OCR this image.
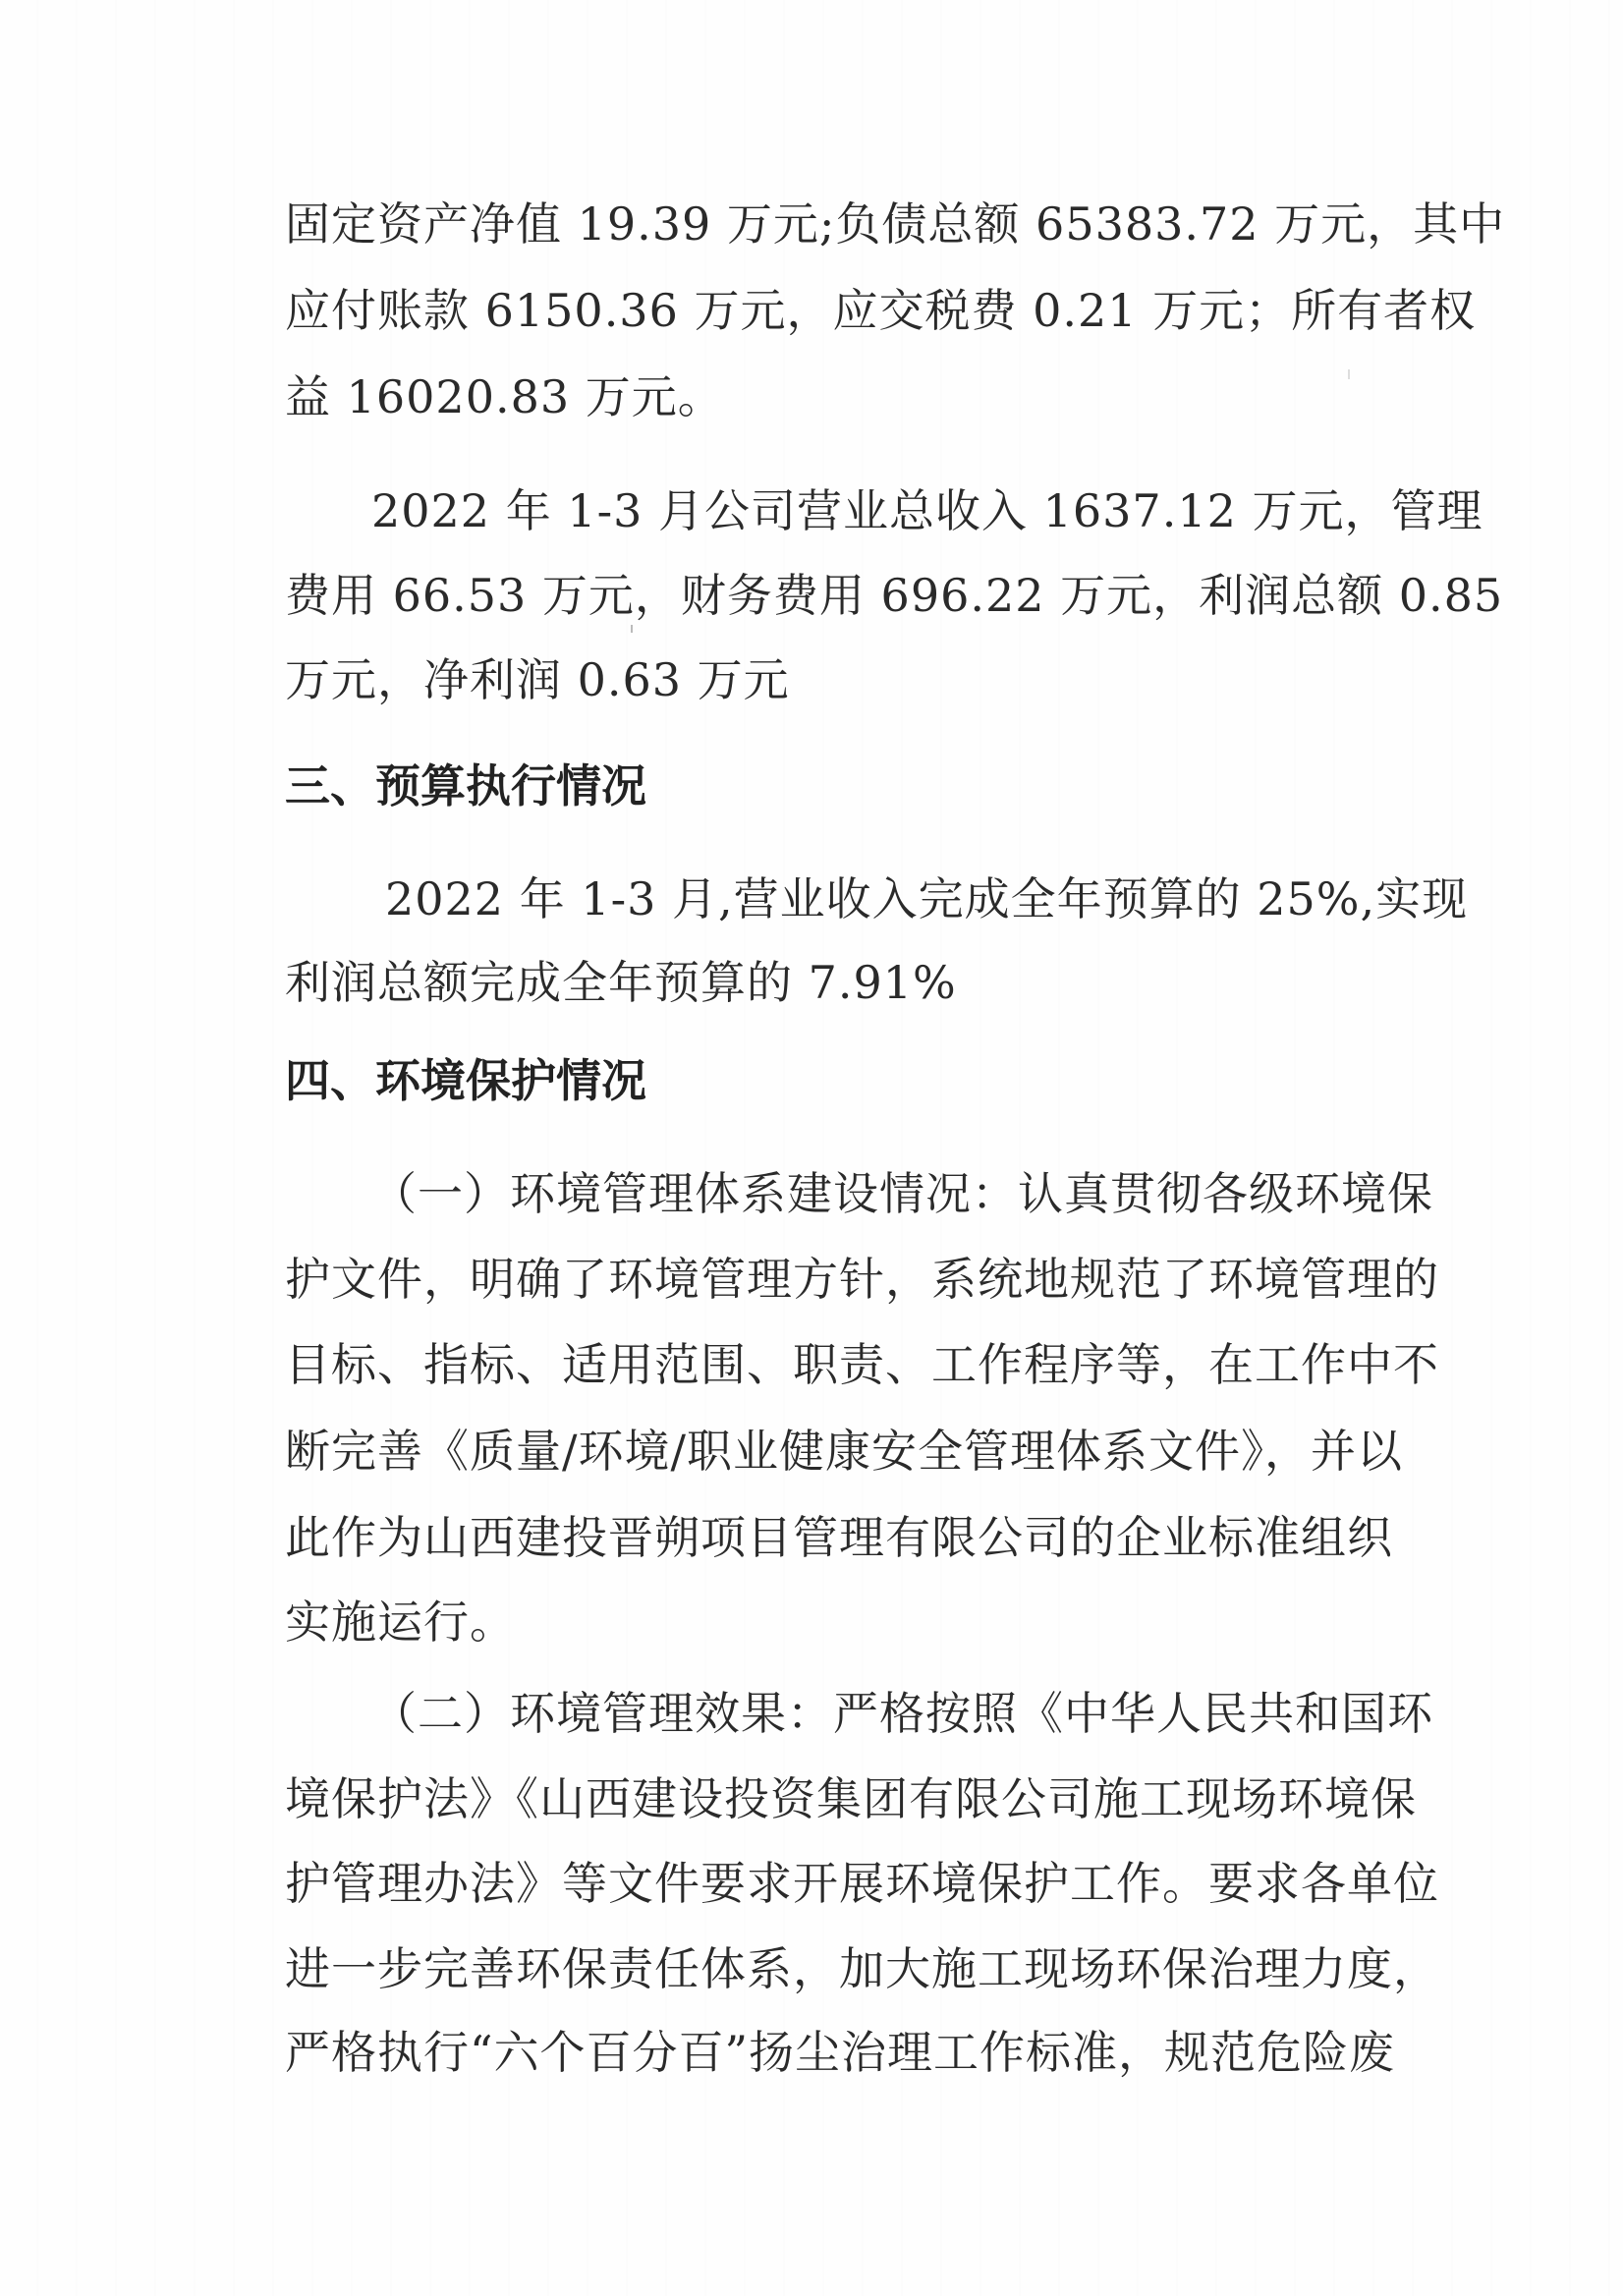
固定资产净值 19.39 万元;负债总额 65383.72 万元，其中
应付账款 6150.36 万元，应交税费 0.21 万元；所有者权
益 16020.83 万元。
2022 年 1-3 月公司营业总收入 1637.12 万元，管理
费用 66.53 万元，财务费用 696.22 万元，利润总额 0.85
万元，净利润 0.63 万元
三、预算执行情况
2022 年 1-3 月,营业收入完成全年预算的 25%,实现
利润总额完成全年预算的 7.91%
四、环境保护情况
（一）环境管理体系建设情况：认真贯彻各级环境保
护文件，明确了环境管理方针，系统地规范了环境管理的
目标、指标、适用范围、职责、工作程序等，在工作中不
断完善《质量/环境/职业健康安全管理体系文件》，并以
此作为山西建投晋朔项目管理有限公司的企业标准组织
实施运行。
（二）环境管理效果：严格按照《中华人民共和国环
境保护法》《山西建设投资集团有限公司施工现场环境保
护管理办法》等文件要求开展环境保护工作。要求各单位
进一步完善环保责任体系，加大施工现场环保治理力度，
严格执行“六个百分百”扬尘治理工作标准，规范危险废
